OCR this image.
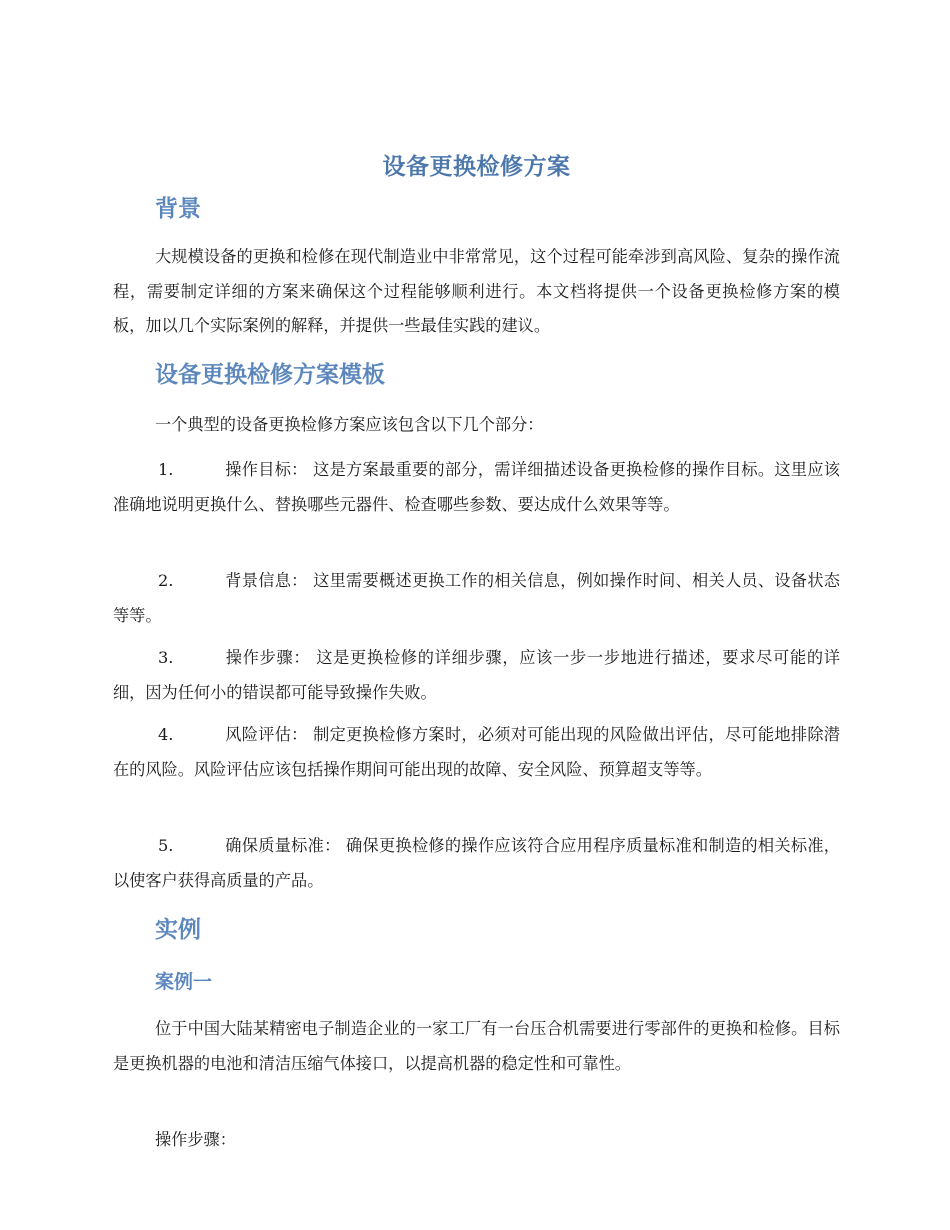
设备更换检修方案
背景

大规模设备的更换和检修在现代制造业中非常常见，这个过程可能牵涉到高风险、复杂的操作流程，需要制定详细的方案来确保这个过程能够顺利进行。本文档将提供一个设备更换检修方案的模板，加以几个实际案例的解释，并提供一些最佳实践的建议。

设备更换检修方案模板

一个典型的设备更换检修方案应该包含以下几个部分：

1.	操作目标： 这是方案最重要的部分，需详细描述设备更换检修的操作目标。这里应该准确地说明更换什么、替换哪些元器件、检查哪些参数、要达成什么效果等等。

2.	背景信息： 这里需要概述更换工作的相关信息，例如操作时间、相关人员、设备状态等等。

3.	操作步骤： 这是更换检修的详细步骤，应该一步一步地进行描述，要求尽可能的详细，因为任何小的错误都可能导致操作失败。

4.	风险评估： 制定更换检修方案时，必须对可能出现的风险做出评估，尽可能地排除潜在的风险。风险评估应该包括操作期间可能出现的故障、安全风险、预算超支等等。

5.	确保质量标准： 确保更换检修的操作应该符合应用程序质量标准和制造的相关标准，以使客户获得高质量的产品。

实例
案例一

位于中国大陆某精密电子制造企业的一家工厂有一台压合机需要进行零部件的更换和检修。目标是更换机器的电池和清洁压缩气体接口，以提高机器的稳定性和可靠性。

操作步骤：
